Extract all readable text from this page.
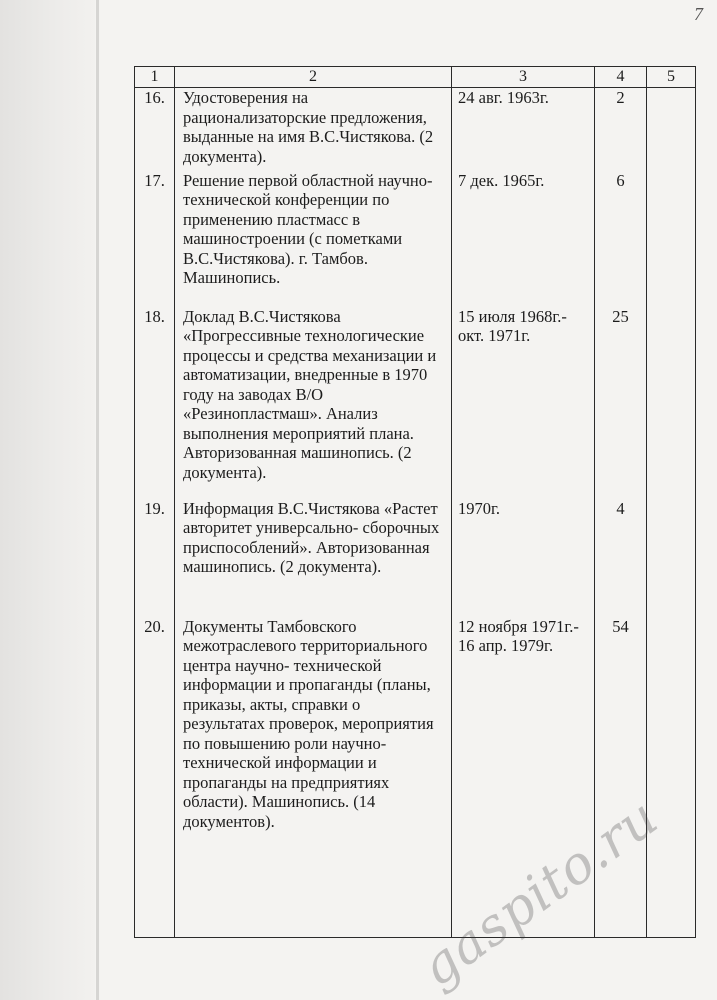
7
1	2	3	4	5
16.	Удостоверения на рационализаторские предложения, выданные на имя В.С.Чистякова. (2 документа).	24 авг. 1963г.	2	
17.	Решение первой областной научно-технической конференции по применению пластмасс в машиностроении (с пометками В.С.Чистякова). г. Тамбов. Машинопись.	7 дек. 1965г.	6	
18.	Доклад В.С.Чистякова «Прогрессивные технологические процессы и средства механизации и автоматизации, внедренные в 1970 году на заводах В/О «Резинопластмаш». Анализ выполнения мероприятий плана. Авторизованная машинопись. (2 документа).	15 июля 1968г.- окт. 1971г.	25	
19.	Информация В.С.Чистякова «Растет авторитет универсально- сборочных приспособлений». Авторизованная машинопись. (2 документа).	1970г.	4	
20.	Документы Тамбовского межотраслевого территориального центра научно- технической информации и пропаганды (планы, приказы, акты, справки о результатах проверок, мероприятия по повышению роли научно-технической информации и пропаганды на предприятиях области). Машинопись. (14 документов).	12 ноября 1971г.- 16 апр. 1979г.	54	
gaspito.ru
